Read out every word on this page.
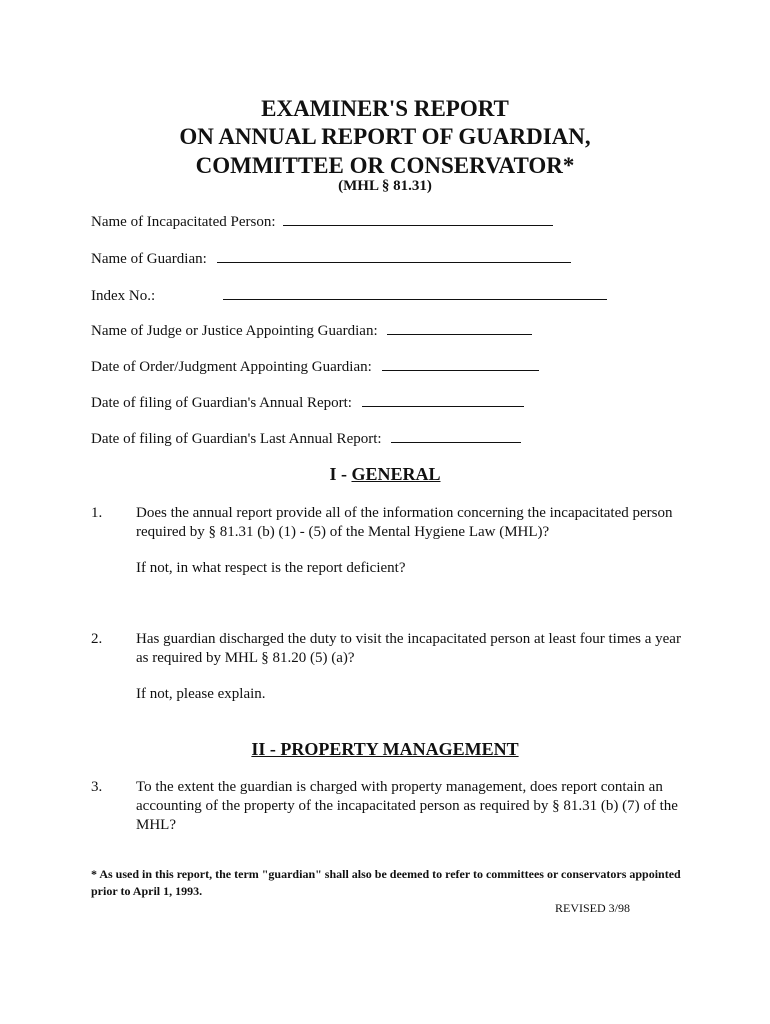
EXAMINER'S REPORT
ON ANNUAL REPORT OF GUARDIAN,
COMMITTEE OR CONSERVATOR*
(MHL § 81.31)
Name of Incapacitated Person:
Name of Guardian:
Index No.:
Name of Judge or Justice Appointing Guardian:
Date of Order/Judgment Appointing Guardian:
Date of filing of Guardian's Annual Report:
Date of filing of Guardian's Last Annual Report:
I - GENERAL
1. Does the annual report provide all of the information concerning the incapacitated person required by § 81.31 (b) (1) - (5) of the Mental Hygiene Law (MHL)?
If not, in what respect is the report deficient?
2. Has guardian discharged the duty to visit the incapacitated person at least four times a year as required by MHL § 81.20 (5) (a)?
If not, please explain.
II - PROPERTY MANAGEMENT
3. To the extent the guardian is charged with property management, does report contain an accounting of the property of the incapacitated person as required by § 81.31 (b) (7) of the MHL?
* As used in this report, the term "guardian" shall also be deemed to refer to committees or conservators appointed prior to April 1, 1993.
REVISED 3/98
